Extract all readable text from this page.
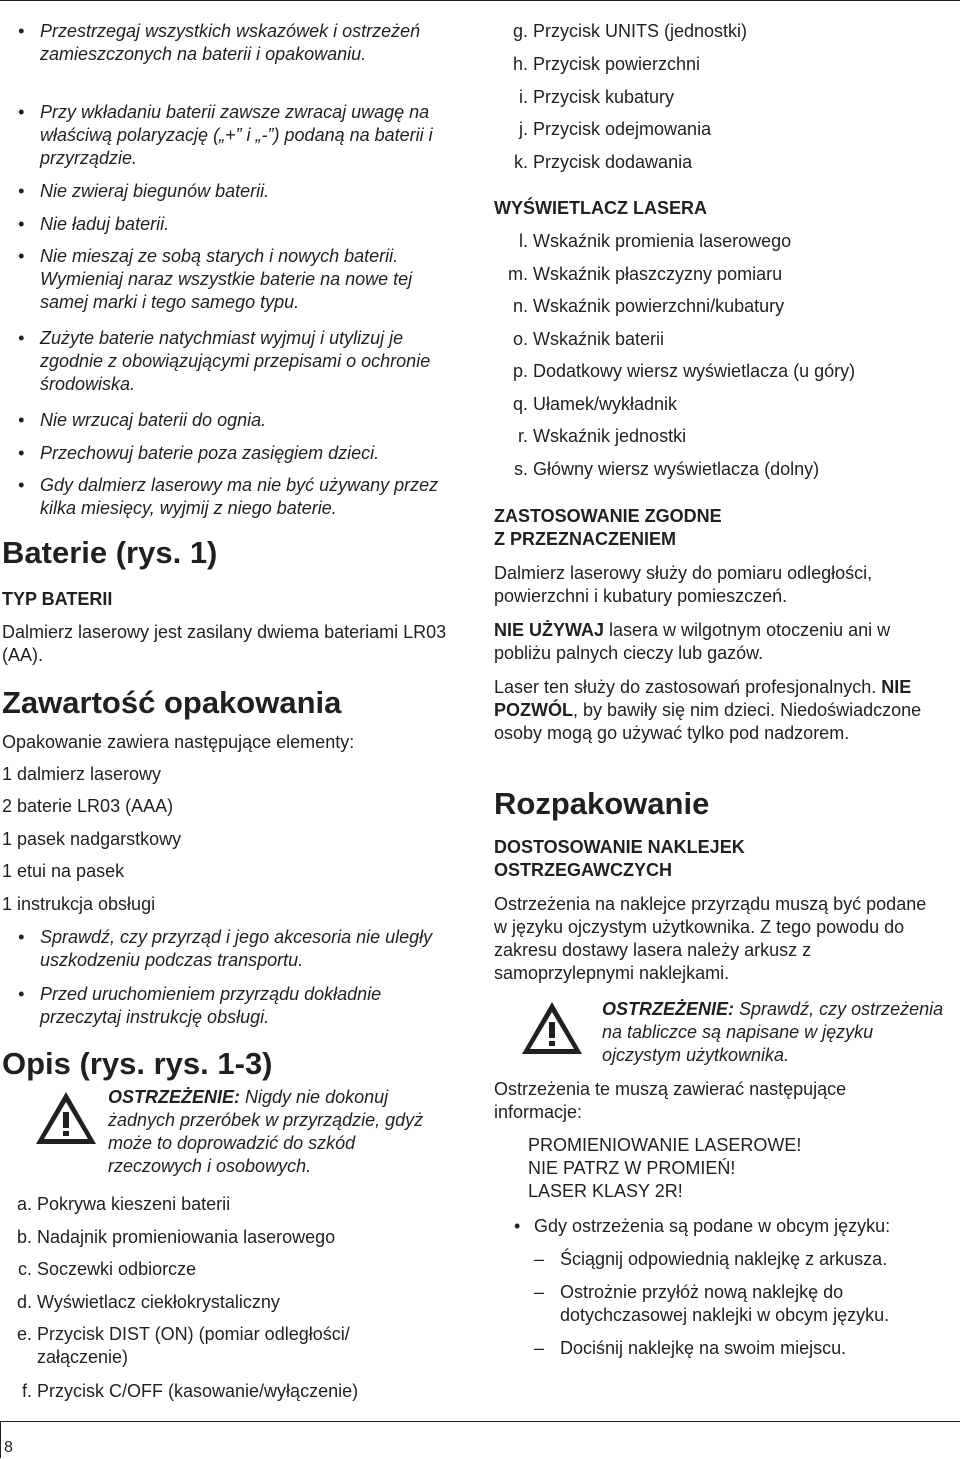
• Przestrzegaj wszystkich wskazówek i ostrzeżeń zamieszczonych na baterii i opakowaniu.
• Przy wkładaniu baterii zawsze zwracaj uwagę na właściwą polaryzację („+” i „-”) podaną na baterii i przyrządzie.
• Nie zwieraj biegunów baterii.
• Nie ładuj baterii.
• Nie mieszaj ze sobą starych i nowych baterii. Wymieniaj naraz wszystkie baterie na nowe tej samej marki i tego samego typu.
• Zużyte baterie natychmiast wyjmuj i utylizuj je zgodnie z obowiązującymi przepisami o ochronie środowiska.
• Nie wrzucaj baterii do ognia.
• Przechowuj baterie poza zasięgiem dzieci.
• Gdy dalmierz laserowy ma nie być używany przez kilka miesięcy, wyjmij z niego baterie.
Baterie (rys. 1)
TYP BATERII

Dalmierz laserowy jest zasilany dwiema bateriami LR03 (AA).

Zawartość opakowania

Opakowanie zawiera następujące elementy:

1 dalmierz laserowy

2 baterie LR03 (AAA)

1 pasek nadgarstkowy

1 etui na pasek

1 instrukcja obsługi

• Sprawdź, czy przyrząd i jego akcesoria nie uległy uszkodzeniu podczas transportu.
• Przed uruchomieniem przyrządu dokładnie przeczytaj instrukcję obsługi.
Opis (rys. rys. 1-3)

OSTRZEŻENIE: Nigdy nie dokonuj żadnych przeróbek w przyrządzie, gdyż może to doprowadzić do szkód rzeczowych i osobowych.

a. Pokrywa kieszeni baterii
b. Nadajnik promieniowania laserowego
c. Soczewki odbiorcze
d. Wyświetlacz ciekłokrystaliczny
e. Przycisk DIST (ON) (pomiar odległości/ załączenie)
f. Przycisk C/OFF (kasowanie/wyłączenie)
g. Przycisk UNITS (jednostki)
h. Przycisk powierzchni
i. Przycisk kubatury
j. Przycisk odejmowania
k. Przycisk dodawania
WYŚWIETLACZ LASERA
l. Wskaźnik promienia laserowego
m. Wskaźnik płaszczyzny pomiaru
n. Wskaźnik powierzchni/kubatury
o. Wskaźnik baterii
p. Dodatkowy wiersz wyświetlacza (u góry)
q. Ułamek/wykładnik
r. Wskaźnik jednostki
s. Główny wiersz wyświetlacza (dolny)
ZASTOSOWANIE ZGODNE
Z PRZEZNACZENIEM

Dalmierz laserowy służy do pomiaru odległości, powierzchni i kubatury pomieszczeń.

NIE UŻYWAJ lasera w wilgotnym otoczeniu ani w pobliżu palnych cieczy lub gazów.

Laser ten służy do zastosowań profesjonalnych. NIE POZWÓL, by bawiły się nim dzieci. Niedoświadczone osoby mogą go używać tylko pod nadzorem.

Rozpakowanie
DOSTOSOWANIE NAKLEJEK
OSTRZEGAWCZYCH

Ostrzeżenia na naklejce przyrządu muszą być podane w języku ojczystym użytkownika. Z tego powodu do zakresu dostawy lasera należy arkusz z samoprzylepnymi naklejkami.

OSTRZEŻENIE: Sprawdź, czy ostrzeżenia na tabliczce są napisane w języku ojczystym użytkownika.

Ostrzeżenia te muszą zawierać następujące informacje:

PROMIENIOWANIE LASEROWE!
NIE PATRZ W PROMIEŃ!
LASER KLASY 2R!
• Gdy ostrzeżenia są podane w obcym języku:
– Ściągnij odpowiednią naklejkę z arkusza.
– Ostrożnie przyłóż nową naklejkę do dotychczasowej naklejki w obcym języku.
– Dociśnij naklejkę na swoim miejscu.

8
